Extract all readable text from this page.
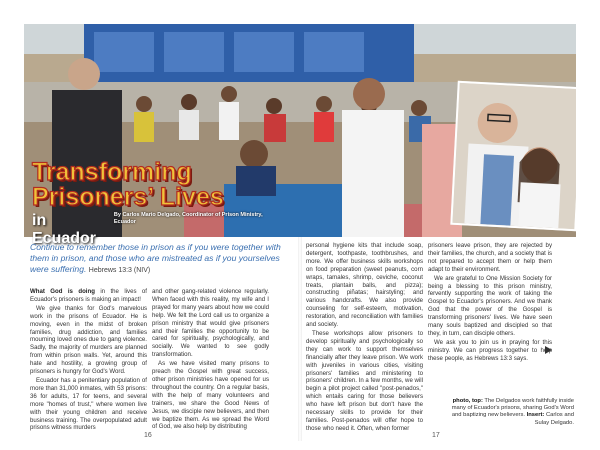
Transforming
Prisoners’ Lives
in Ecuador
By Carlos Mario Delgado, Coordinator of Prison Ministry, Ecuador
Continue to remember those in prison as if you were together with them in prison, and those who are mistreated as if you yourselves were suffering. Hebrews 13:3 (NIV)

What God is doing in the lives of Ecuador's prisoners is making an impact!

We give thanks for God's marvelous work in the prisons of Ecuador. He is moving, even in the midst of broken families, drug addiction, and families mourning loved ones due to gang violence. Sadly, the majority of murders are planned from within prison walls. Yet, around this hate and hostility, a growing group of prisoners is hungry for God's Word.

Ecuador has a penitentiary population of more than 31,000 inmates, with 53 prisons: 36 for adults, 17 for teens, and several more "homes of trust," where women live with their young children and receive business training. The overpopulated adult prisons witness murders

and other gang-related violence regularly. When faced with this reality, my wife and I prayed for many years about how we could help. We felt the Lord call us to organize a prison ministry that would give prisoners and their families the opportunity to be cared for spiritually, psychologically, and socially. We wanted to see godly transformation.

As we have visited many prisons to preach the Gospel with great success, other prison ministries have opened for us throughout the country. On a regular basis, with the help of many volunteers and trainers, we share the Good News of Jesus, we disciple new believers, and then we baptize them. As we spread the Word of God, we also help by distributing

personal hygiene kits that include soap, detergent, toothpaste, toothbrushes, and more. We offer business skills workshops on food preparation (sweet peanuts, corn wraps, tamales, shrimp, ceviche, coconut treats, plantain balls, and pizza); constructing piñatas; hairstyling; and various handcrafts. We also provide counseling for self-esteem, motivation, restoration, and reconciliation with families and society.

These workshops allow prisoners to develop spiritually and psychologically so they can work to support themselves financially after they leave prison. We work with juveniles in various cities, visiting prisoners' families and ministering to prisoners' children. In a few months, we will begin a pilot project called "post-penados," which entails caring for those believers who have left prison but don't have the necessary skills to provide for their families. Post-penados will offer hope to those who need it. Often, when former

prisoners leave prison, they are rejected by their families, the church, and a society that is not prepared to accept them or help them adapt to their environment.

We are grateful to One Mission Society for being a blessing to this prison ministry, fervently supporting the work of taking the Gospel to Ecuador's prisoners. And we thank God that the power of the Gospel is transforming prisoners' lives. We have seen many souls baptized and discipled so that they, in turn, can disciple others.

We ask you to join us in praying for this ministry. We can progress together to help these people, as Hebrews 13:3 says.

photo, top: The Delgados work faithfully inside many of Ecuador's prisons, sharing God's Word and baptizing new believers. Insert: Carlos and Sulay Delgado.
16	17
